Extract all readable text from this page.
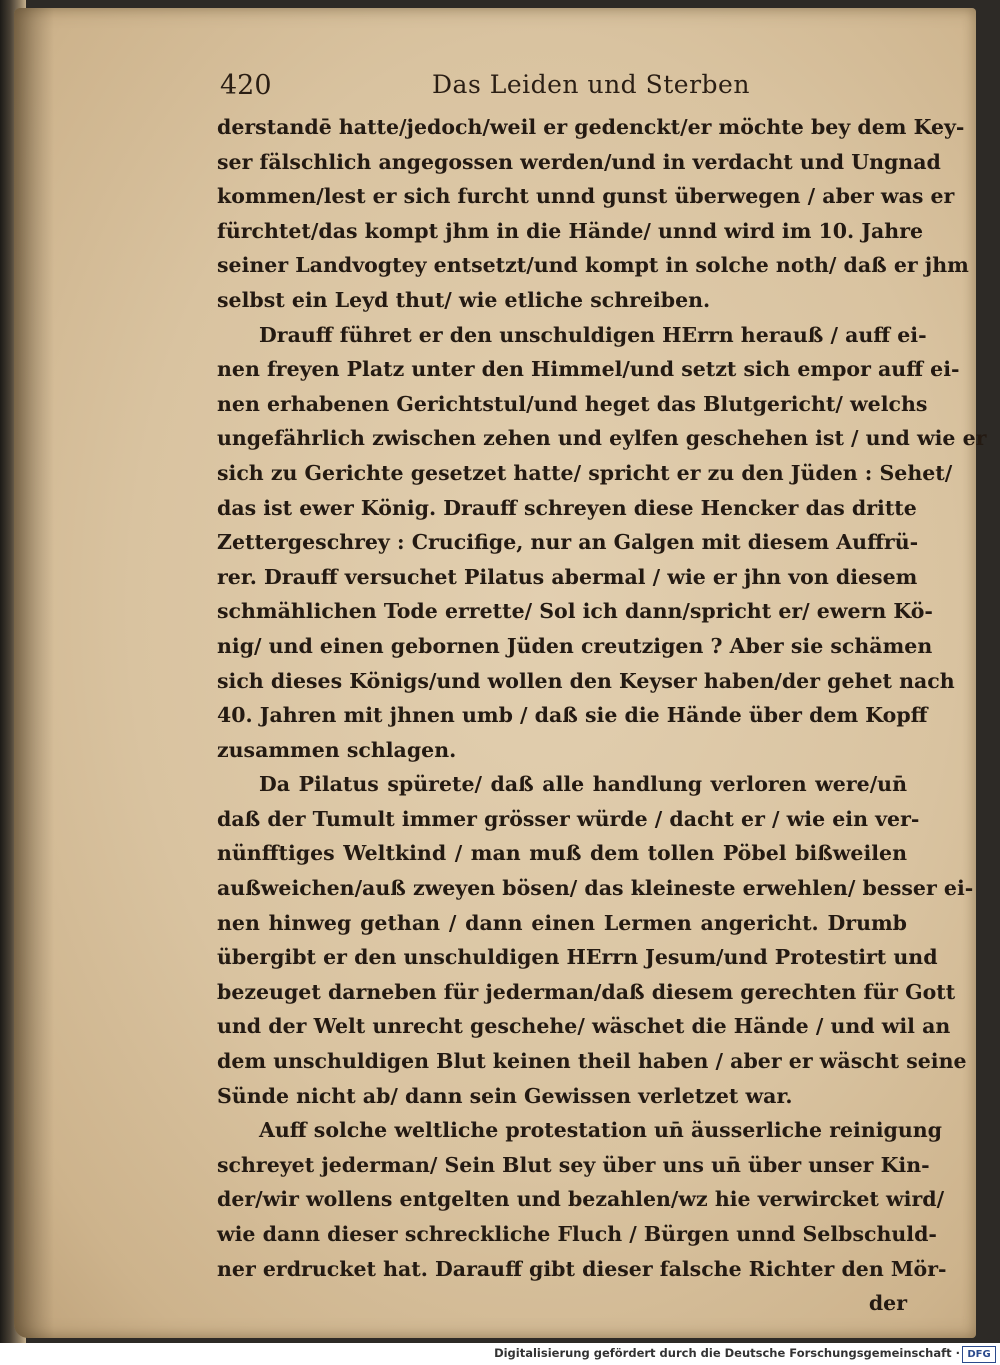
420	Das Leiden und Sterben
derstandē hatte/jedoch/weil er gedenckt/er möchte bey dem Key-
ser fälschlich angegossen werden/und in verdacht und Ungnad
kommen/lest er sich furcht unnd gunst überwegen / aber was er
fürchtet/das kompt jhm in die Hände/ unnd wird im 10. Jahre
seiner Landvogtey entsetzt/und kompt in solche noth/ daß er jhm
selbst ein Leyd thut/ wie etliche schreiben.
Drauff führet er den unschuldigen HErrn herauß / auff ei-
nen freyen Platz unter den Himmel/und setzt sich empor auff ei-
nen erhabenen Gerichtstul/und heget das Blutgericht/ welchs
ungefährlich zwischen zehen und eylfen geschehen ist / und wie er
sich zu Gerichte gesetzet hatte/ spricht er zu den Jüden : Sehet/
das ist ewer König. Drauff schreyen diese Hencker das dritte
Zettergeschrey : Crucifige, nur an Galgen mit diesem Auffrü-
rer. Drauff versuchet Pilatus abermal / wie er jhn von diesem
schmählichen Tode errette/ Sol ich dann/spricht er/ ewern Kö-
nig/ und einen gebornen Jüden creutzigen ? Aber sie schämen
sich dieses Königs/und wollen den Keyser haben/der gehet nach
40. Jahren mit jhnen umb / daß sie die Hände über dem Kopff
zusammen schlagen.
Da Pilatus spürete/ daß alle handlung verloren were/un̄
daß der Tumult immer grösser würde / dacht er / wie ein ver-
nünfftiges Weltkind / man muß dem tollen Pöbel bißweilen
außweichen/auß zweyen bösen/ das kleineste erwehlen/ besser ei-
nen hinweg gethan / dann einen Lermen angericht. Drumb
übergibt er den unschuldigen HErrn Jesum/und Protestirt und
bezeuget darneben für jederman/daß diesem gerechten für Gott
und der Welt unrecht geschehe/ wäschet die Hände / und wil an
dem unschuldigen Blut keinen theil haben / aber er wäscht seine
Sünde nicht ab/ dann sein Gewissen verletzet war.
Auff solche weltliche protestation un̄ äusserliche reinigung
schreyet jederman/ Sein Blut sey über uns un̄ über unser Kin-
der/wir wollens entgelten und bezahlen/wz hie verwircket wird/
wie dann dieser schreckliche Fluch / Bürgen unnd Selbschuld-
ner erdrucket hat. Darauff gibt dieser falsche Richter den Mör-
der
Digitalisierung gefördert durch die Deutsche Forschungsgemeinschaft · DFG
